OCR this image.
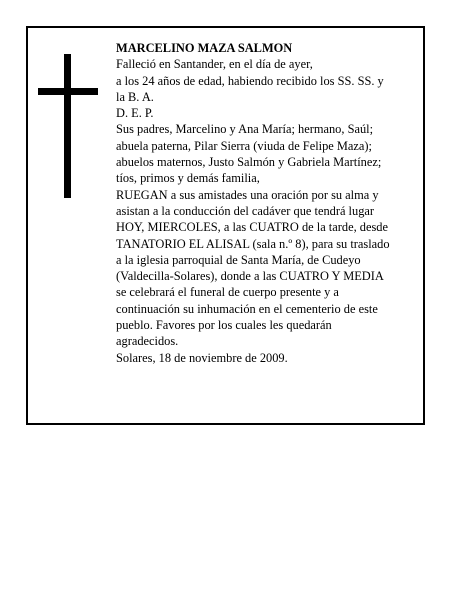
MARCELINO MAZA SALMON
Falleció en Santander, en el día de ayer,
a los 24 años de edad, habiendo recibido los SS. SS. y
la B. A.
D. E. P.
Sus padres, Marcelino y Ana María; hermano, Saúl;
abuela paterna, Pilar Sierra (viuda de Felipe Maza);
abuelos maternos, Justo Salmón y Gabriela Martínez;
tíos, primos y demás familia,
RUEGAN a sus amistades una oración por su alma y
asistan a la conducción del cadáver que tendrá lugar
HOY, MIERCOLES, a las CUATRO de la tarde, desde
TANATORIO EL ALISAL (sala n.º 8), para su traslado
a la iglesia parroquial de Santa María, de Cudeyo
(Valdecilla-Solares), donde a las CUATRO Y MEDIA
se celebrará el funeral de cuerpo presente y a
continuación su inhumación en el cementerio de este
pueblo. Favores por los cuales les quedarán
agradecidos.
Solares, 18 de noviembre de 2009.
